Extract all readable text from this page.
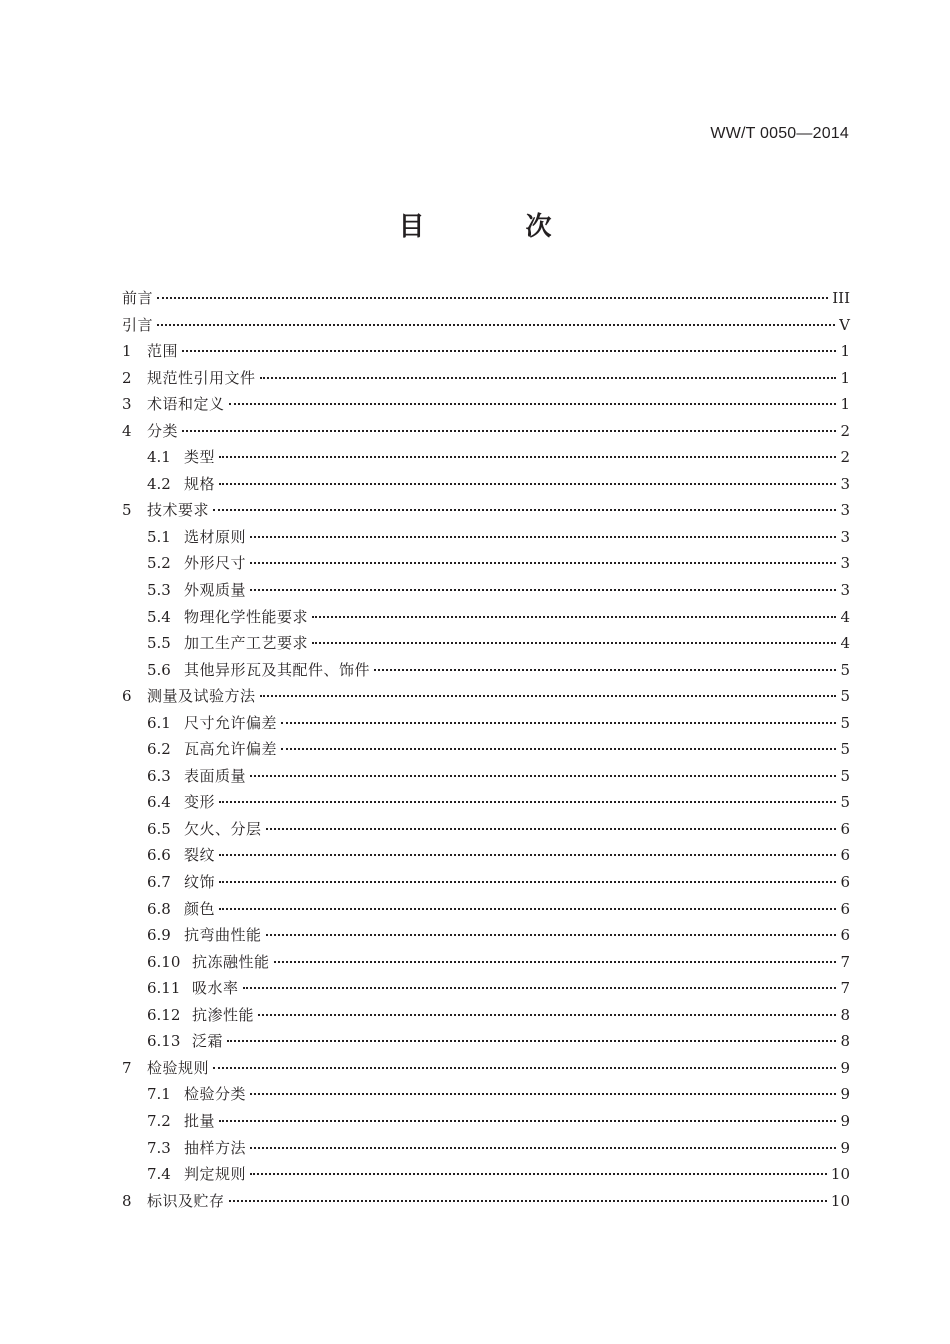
WW/T 0050—2014
目 次
前言	III
引言	V
1	范围	1
2	规范性引用文件	1
3	术语和定义	1
4	分类	2
4.1 类型	2
4.2 规格	3
5	技术要求	3
5.1 选材原则	3
5.2 外形尺寸	3
5.3 外观质量	3
5.4 物理化学性能要求	4
5.5 加工生产工艺要求	4
5.6 其他异形瓦及其配件、饰件	5
6	测量及试验方法	5
6.1 尺寸允许偏差	5
6.2 瓦高允许偏差	5
6.3 表面质量	5
6.4 变形	5
6.5 欠火、分层	6
6.6 裂纹	6
6.7 纹饰	6
6.8 颜色	6
6.9 抗弯曲性能	6
6.10 抗冻融性能	7
6.11 吸水率	7
6.12 抗渗性能	8
6.13 泛霜	8
7	检验规则	9
7.1 检验分类	9
7.2 批量	9
7.3 抽样方法	9
7.4 判定规则	10
8	标识及贮存	10
